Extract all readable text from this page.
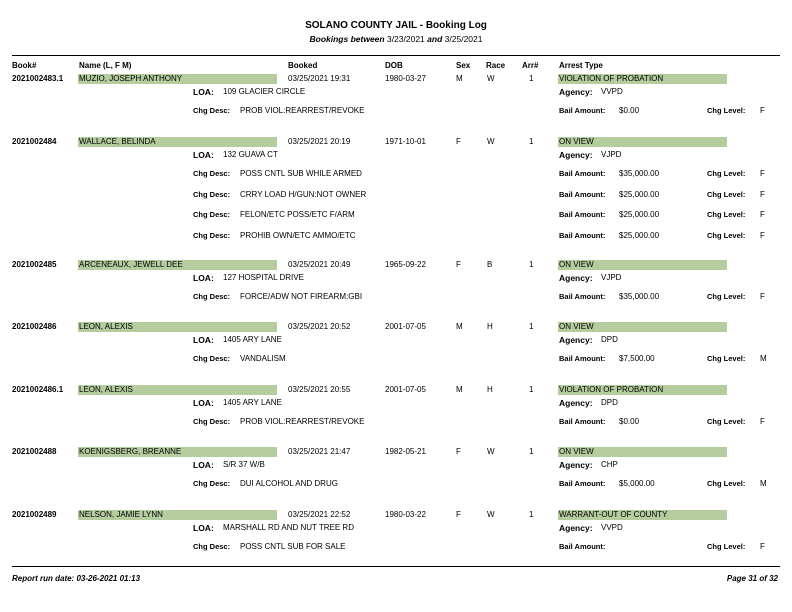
SOLANO COUNTY JAIL - Booking Log
Bookings between 3/23/2021 and 3/25/2021
Book#	Name (L, F M)	Booked	DOB	Sex Race Arr#	Arrest Type
2021002483.1 MUZIO, JOSEPH ANTHONY	03/25/2021 19:31	1980-03-27	M	W	1	VIOLATION OF PROBATION
LOA: 109 GLACIER CIRCLE	Agency: VVPD
Chg Desc: PROB VIOL:REARREST/REVOKE	Bail Amount: $0.00	Chg Level: F
2021002484	WALLACE, BELINDA	03/25/2021 20:19	1971-10-01	F	W	1	ON VIEW
LOA: 132 GUAVA CT	Agency: VJPD
Chg Desc: POSS CNTL SUB WHILE ARMED	Bail Amount: $35,000.00	Chg Level: F
Chg Desc: CRRY LOAD H/GUN:NOT OWNER	Bail Amount: $25,000.00	Chg Level: F
Chg Desc: FELON/ETC POSS/ETC F/ARM	Bail Amount: $25,000.00	Chg Level: F
Chg Desc: PROHIB OWN/ETC AMMO/ETC	Bail Amount: $25,000.00	Chg Level: F
2021002485	ARCENEAUX, JEWELL DEE	03/25/2021 20:49	1965-09-22	F	B	1	ON VIEW
LOA: 127 HOSPITAL DRIVE	Agency: VJPD
Chg Desc: FORCE/ADW NOT FIREARM:GBI	Bail Amount: $35,000.00	Chg Level: F
2021002486	LEON, ALEXIS	03/25/2021 20:52	2001-07-05	M	H	1	ON VIEW
LOA: 1405 ARY LANE	Agency: DPD
Chg Desc: VANDALISM	Bail Amount: $7,500.00	Chg Level: M
2021002486.1 LEON, ALEXIS	03/25/2021 20:55	2001-07-05	M	H	1	VIOLATION OF PROBATION
LOA: 1405 ARY LANE	Agency: DPD
Chg Desc: PROB VIOL:REARREST/REVOKE	Bail Amount: $0.00	Chg Level: F
2021002488	KOENIGSBERG, BREANNE	03/25/2021 21:47	1982-05-21	F	W	1	ON VIEW
LOA: S/R 37 W/B	Agency: CHP
Chg Desc: DUI ALCOHOL AND DRUG	Bail Amount: $5,000.00	Chg Level: M
2021002489	NELSON, JAMIE LYNN	03/25/2021 22:52	1980-03-22	F	W	1	WARRANT-OUT OF COUNTY
LOA: MARSHALL RD AND NUT TREE RD	Agency: VVPD
Chg Desc: POSS CNTL SUB FOR SALE	Bail Amount:	Chg Level: F
Report run date: 03-26-2021 01:13	Page 31 of 32
